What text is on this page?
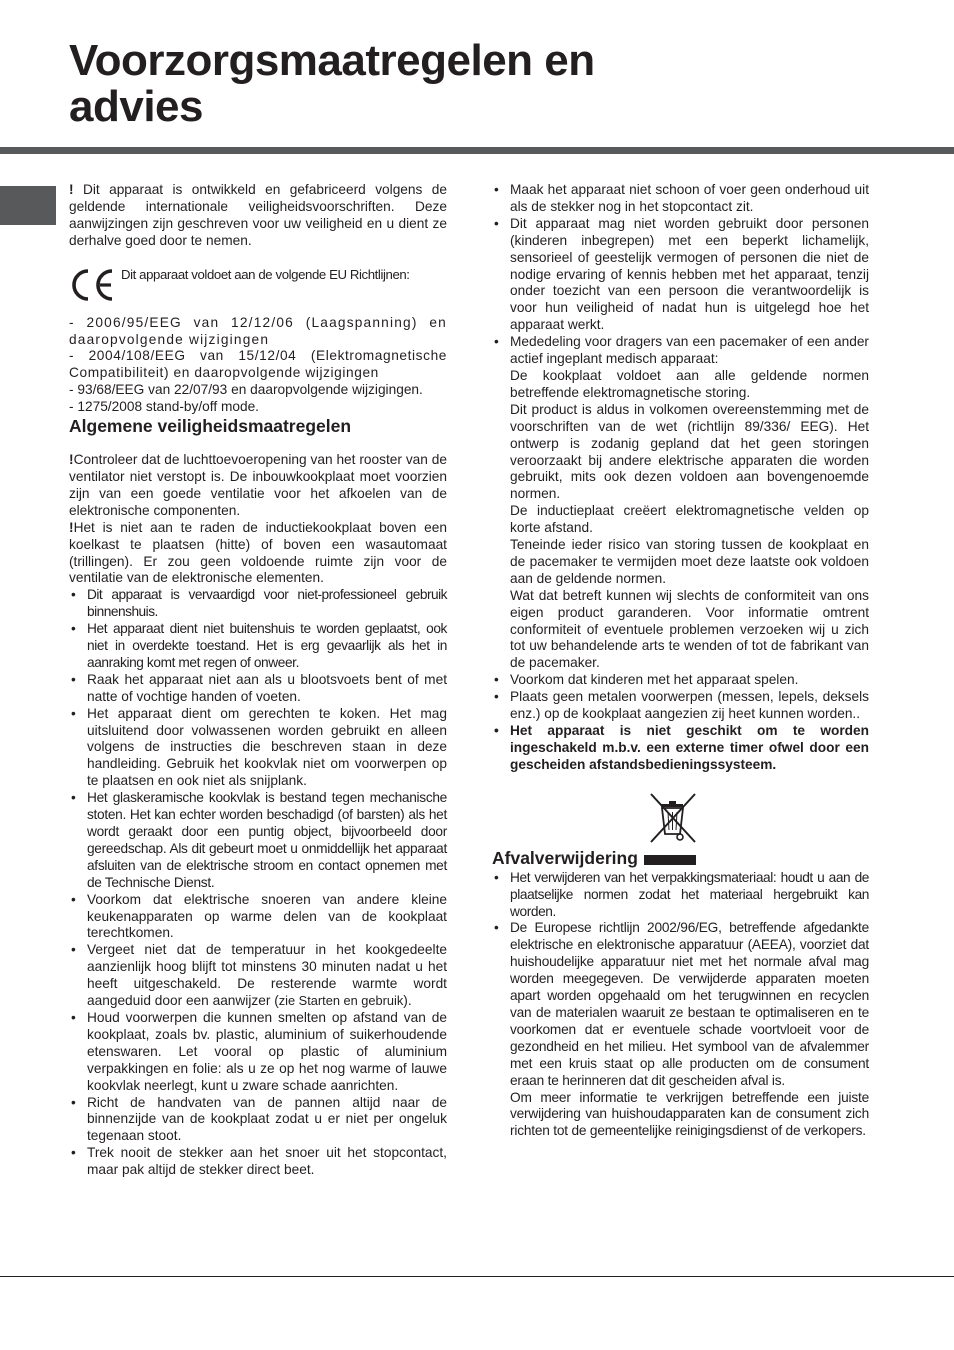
Voorzorgsmaatregelen en
advies

! Dit apparaat is ontwikkeld en gefabriceerd volgens de geldende internationale veiligheidsvoorschriften. Deze aanwijzingen zijn geschreven voor uw veiligheid en u dient ze derhalve goed door te nemen.

Dit apparaat voldoet aan de volgende EU Richtlijnen:
- 2006/95/EEG van 12/12/06 (Laagspanning) en daaropvolgende wijzigingen
- 2004/108/EEG van 15/12/04 (Elektromagnetische Compatibiliteit) en daaropvolgende wijzigingen
- 93/68/EEG van 22/07/93 en daaropvolgende wijzigingen.
- 1275/2008 stand-by/off mode.
Algemene veiligheidsmaatregelen

!Controleer dat de luchttoevoeropening van het rooster van de ventilator niet verstopt is. De inbouwkookplaat moet voorzien zijn van een goede ventilatie voor het afkoelen van de elektronische componenten.

!Het is niet aan te raden de inductiekookplaat boven een koelkast te plaatsen (hitte) of boven een wasautomaat (trillingen). Er zou geen voldoende ruimte zijn voor de ventilatie van de elektronische elementen.

• Dit apparaat is vervaardigd voor niet-professioneel gebruik binnenshuis.
• Het apparaat dient niet buitenshuis te worden geplaatst, ook niet in overdekte toestand. Het is erg gevaarlijk als het in aanraking komt met regen of onweer.
• Raak het apparaat niet aan als u blootsvoets bent of met natte of vochtige handen of voeten.
• Het apparaat dient om gerechten te koken. Het mag uitsluitend door volwassenen worden gebruikt en alleen volgens de instructies die beschreven staan in deze handleiding. Gebruik het kookvlak niet om voorwerpen op te plaatsen en ook niet als snijplank.
• Het glaskeramische kookvlak is bestand tegen mechanische stoten. Het kan echter worden beschadigd (of barsten) als het wordt geraakt door een puntig object, bijvoorbeeld door gereedschap. Als dit gebeurt moet u onmiddellijk het apparaat afsluiten van de elektrische stroom en contact opnemen met de Technische Dienst.
• Voorkom dat elektrische snoeren van andere kleine keukenapparaten op warme delen van de kookplaat terechtkomen.
• Vergeet niet dat de temperatuur in het kookgedeelte aanzienlijk hoog blijft tot minstens 30 minuten nadat u het heeft uitgeschakeld. De resterende warmte wordt aangeduid door een aanwijzer (zie Starten en gebruik).
• Houd voorwerpen die kunnen smelten op afstand van de kookplaat, zoals bv. plastic, aluminium of suikerhoudende etenswaren. Let vooral op plastic of aluminium verpakkingen en folie: als u ze op het nog warme of lauwe kookvlak neerlegt, kunt u zware schade aanrichten.
• Richt de handvaten van de pannen altijd naar de binnenzijde van de kookplaat zodat u er niet per ongeluk tegenaan stoot.
• Trek nooit de stekker aan het snoer uit het stopcontact, maar pak altijd de stekker direct beet.
• Maak het apparaat niet schoon of voer geen onderhoud uit als de stekker nog in het stopcontact zit.
• Dit apparaat mag niet worden gebruikt door personen (kinderen inbegrepen) met een beperkt lichamelijk, sensorieel of geestelijk vermogen of personen die niet de nodige ervaring of kennis hebben met het apparaat, tenzij onder toezicht van een persoon die verantwoordelijk is voor hun veiligheid of nadat hun is uitgelegd hoe het apparaat werkt.
• Mededeling voor dragers van een pacemaker of een ander actief ingeplant medisch apparaat:
De kookplaat voldoet aan alle geldende normen betreffende elektromagnetische storing.
Dit product is aldus in volkomen overeenstemming met de voorschriften van de wet (richtlijn 89/336/ EEG). Het ontwerp is zodanig gepland dat het geen storingen veroorzaakt bij andere elektrische apparaten die worden gebruikt, mits ook dezen voldoen aan bovengenoemde normen.
De inductieplaat creëert elektromagnetische velden op korte afstand.
Teneinde ieder risico van storing tussen de kookplaat en de pacemaker te vermijden moet deze laatste ook voldoen aan de geldende normen.
Wat dat betreft kunnen wij slechts de conformiteit van ons eigen product garanderen. Voor informatie omtrent conformiteit of eventuele problemen verzoeken wij u zich tot uw behandelende arts te wenden of tot de fabrikant van de pacemaker.
• Voorkom dat kinderen met het apparaat spelen.
• Plaats geen metalen voorwerpen (messen, lepels, deksels enz.) op de kookplaat aangezien zij heet kunnen worden..
• Het apparaat is niet geschikt om te worden ingeschakeld m.b.v. een externe timer ofwel door een gescheiden afstandsbedieningssysteem.
Afvalverwijdering
• Het verwijderen van het verpakkingsmateriaal: houdt u aan de plaatselijke normen zodat het materiaal hergebruikt kan worden.
• De Europese richtlijn 2002/96/EG, betreffende afgedankte elektrische en elektronische apparatuur (AEEA), voorziet dat huishoudelijke apparatuur niet met het normale afval mag worden meegegeven. De verwijderde apparaten moeten apart worden opgehaald om het terugwinnen en recyclen van de materialen waaruit ze bestaan te optimaliseren en te voorkomen dat er eventuele schade voortvloeit voor de gezondheid en het milieu. Het symbool van de afvalemmer met een kruis staat op alle producten om de consument eraan te herinneren dat dit gescheiden afval is.
Om meer informatie te verkrijgen betreffende een juiste verwijdering van huishoudapparaten kan de consument zich richten tot de gemeentelijke reinigingsdienst of de verkopers.
